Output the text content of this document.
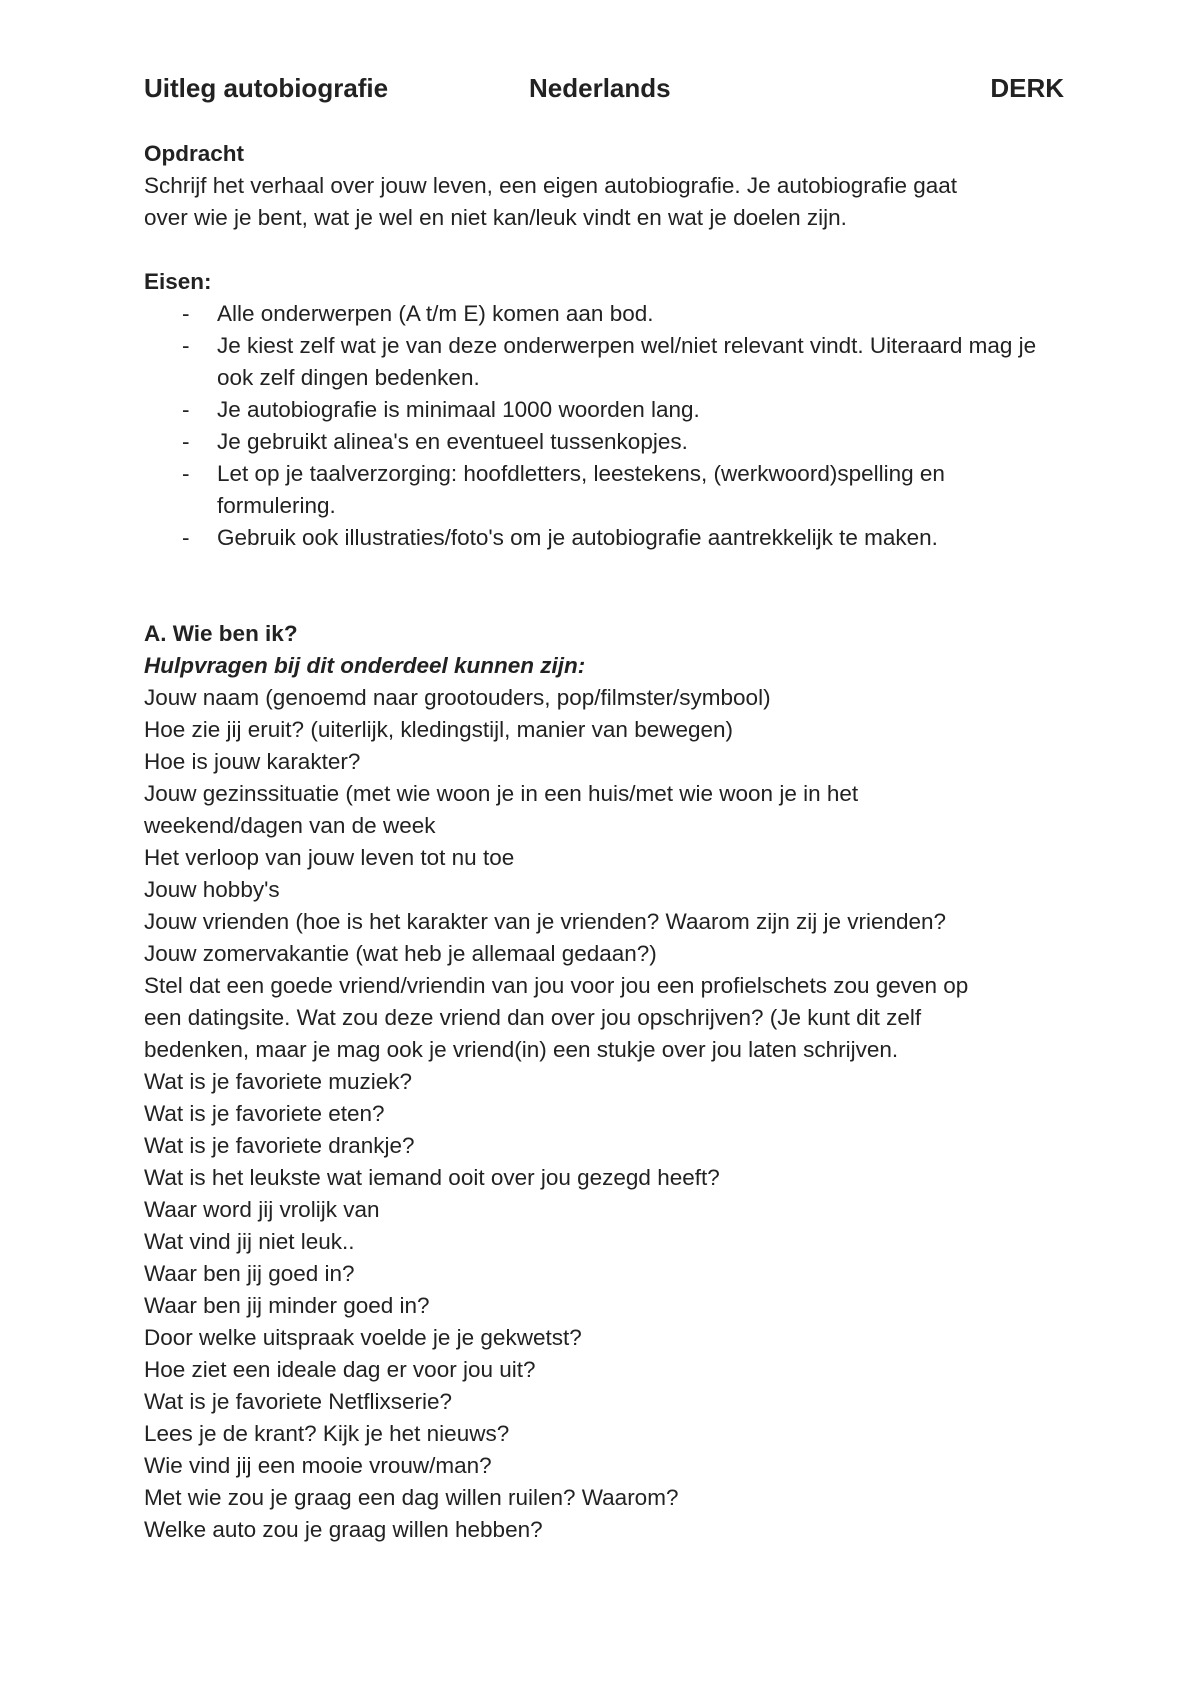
Uitleg autobiografie	Nederlands	DERK

Opdracht

Schrijf het verhaal over jouw leven, een eigen autobiografie. Je autobiografie gaat

over wie je bent, wat je wel en niet kan/leuk vindt en wat je doelen zijn.

Eisen:

- Alle onderwerpen (A t/m E) komen aan bod.
- Je kiest zelf wat je van deze onderwerpen wel/niet relevant vindt. Uiteraard mag je ook zelf dingen bedenken.
- Je autobiografie is minimaal 1000 woorden lang.
- Je gebruikt alinea's en eventueel tussenkopjes.
- Let op je taalverzorging: hoofdletters, leestekens, (werkwoord)spelling en formulering.
- Gebruik ook illustraties/foto's om je autobiografie aantrekkelijk te maken.

A. Wie ben ik?

Hulpvragen bij dit onderdeel kunnen zijn:

Jouw naam (genoemd naar grootouders, pop/filmster/symbool)

Hoe zie jij eruit? (uiterlijk, kledingstijl, manier van bewegen)

Hoe is jouw karakter?

Jouw gezinssituatie (met wie woon je in een huis/met wie woon je in het

weekend/dagen van de week

Het verloop van jouw leven tot nu toe

Jouw hobby's

Jouw vrienden (hoe is het karakter van je vrienden? Waarom zijn zij je vrienden?

Jouw zomervakantie (wat heb je allemaal gedaan?)

Stel dat een goede vriend/vriendin van jou voor jou een profielschets zou geven op

een datingsite. Wat zou deze vriend dan over jou opschrijven? (Je kunt dit zelf

bedenken, maar je mag ook je vriend(in) een stukje over jou laten schrijven.

Wat is je favoriete muziek?

Wat is je favoriete eten?

Wat is je favoriete drankje?

Wat is het leukste wat iemand ooit over jou gezegd heeft?

Waar word jij vrolijk van

Wat vind jij niet leuk..

Waar ben jij goed in?

Waar ben jij minder goed in?

Door welke uitspraak voelde je je gekwetst?

Hoe ziet een ideale dag er voor jou uit?

Wat is je favoriete Netflixserie?

Lees je de krant? Kijk je het nieuws?

Wie vind jij een mooie vrouw/man?

Met wie zou je graag een dag willen ruilen? Waarom?

Welke auto zou je graag willen hebben?
